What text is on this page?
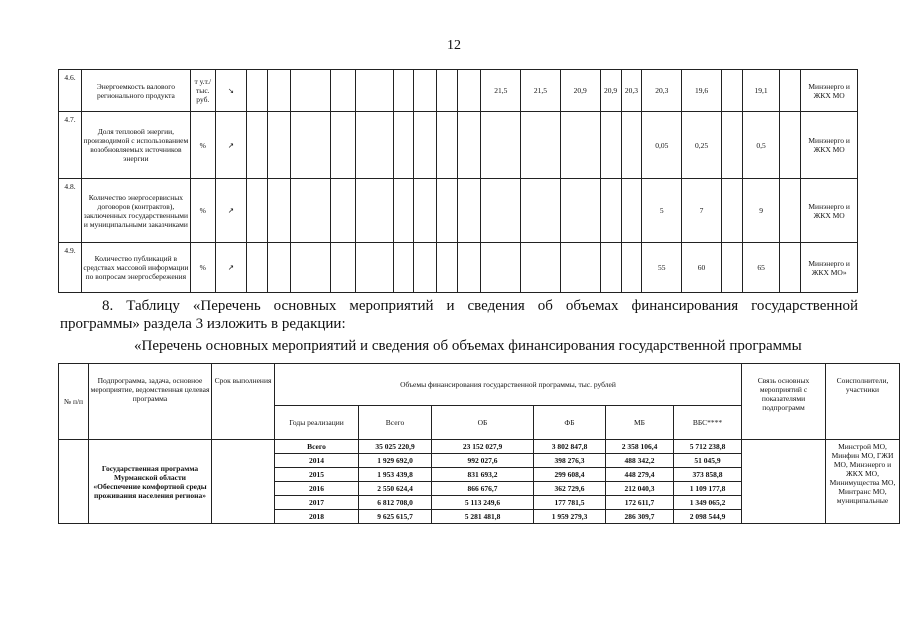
12
4.6.	Энергоемкость валового регионального продукта	т у.т./ тыс. руб.	↘										21,5	21,5	20,9	20,9	20,3	20,3	19,6		19,1		Минэнерго и ЖКХ МО
4.7.	Доля тепловой энергии, производимой с использованием возобновляемых источников энергии	%	↗															0,05	0,25		0,5		Минэнерго и ЖКХ МО
4.8.	Количество энергосервисных договоров (контрактов), заключенных государственными и муниципальными заказчиками	%	↗															5	7		9		Минэнерго и ЖКХ МО
4.9.	Количество публикаций в средствах массовой информации по вопросам энергосбережения	%	↗															55	60		65		Минэнерго и ЖКХ МО»
8. Таблицу «Перечень основных мероприятий и сведения об объемах финансирования государственной
программы» раздела 3 изложить в редакции:
«Перечень основных мероприятий и сведения об объемах финансирования государственной программы
№ п/п	Подпрограмма, задача, основное мероприятие, ведомственная целевая программа	Срок выполнения	Объемы финансирования государственной программы, тыс. рублей						Связь основных мероприятий с показателями подпрограмм	Соисполнители, участники
			Годы реализации	Всего	ОБ	ФБ	МБ	ВБС****		
	Государственная программа Мурманской области «Обеспечение комфортной среды проживания населения региона»		Всего	35 025 220,9	23 152 027,9	3 802 847,8	2 358 106,4	5 712 238,8		Минстрой МО, Минфин МО, ГЖИ МО, Минэнерго и ЖКХ МО, Минимущества МО, Минтранс МО, муниципальные
			2014	1 929 692,0	992 027,6	398 276,3	488 342,2	51 045,9		
			2015	1 953 439,8	831 693,2	299 608,4	448 279,4	373 858,8		
			2016	2 550 624,4	866 676,7	362 729,6	212 040,3	1 109 177,8		
			2017	6 812 708,0	5 113 249,6	177 781,5	172 611,7	1 349 065,2		
			2018	9 625 615,7	5 281 481,8	1 959 279,3	286 309,7	2 098 544,9		
